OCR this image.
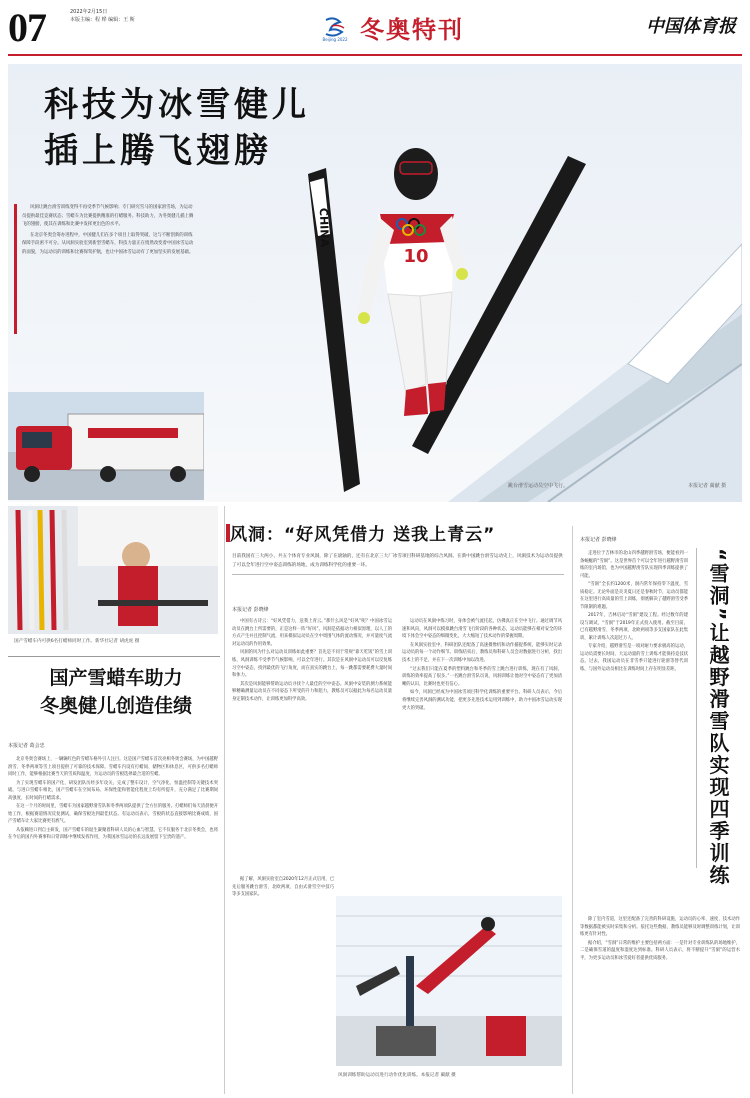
07	2022年2月15日
本版主编：程 桦 编辑：王 斯
Beijing 2022 冬奥特刊	中国体育报
CHINA
10
科技为冰雪健儿
插上腾飞翅膀
跳台滑雪运动员空中飞行。	本报记者 蔺献 摄

风洞让跳台滑雪训练变得不再受季节气候影响；专门研究雪马的国家滑雪场，为运动员提供最佳竞赛状态；雪蜡车为比赛提供精准的打蜡服务。科技助力，为冬奥健儿插上腾飞的翅膀，使其在训练和比赛中发挥更出色的水平。

在北京冬奥会筹办进程中，中国健儿们在多个项目上取得突破，这与不断创新的训练保障手段密不可分。从风洞实验室到新型雪蜡车，科技力量正在悄然改变着中国冰雪运动的面貌，为运动员的训练和比赛保驾护航，也让中国冰雪运动有了更加坚实的发展基础。

国产雪蜡车内可供6名打蜡师同时工作。新华社记者 胡虎虎 摄
国产雪蜡车助力
冬奥健儿创造佳绩
本报记者 葛会忠

北京冬奥会赛场上，一辆辆红色的雪蜡车格外引人注目。这是国产雪蜡车首次亮相冬奥会赛场，为中国越野滑雪、冬季两项等雪上项目提供了可靠的技术保障。雪蜡车内设有打蜡间、储物区和休息区，可供多名打蜡师同时工作，能够根据比赛当天的雪质和温度，为运动员的雪板选择最合适的雪蜡。

为了实现雪蜡车的国产化，研发团队历经多年攻关，完成了整车设计、空气净化、恒温控制等关键技术突破。与进口雪蜡车相比，国产雪蜡车在空间布局、环保性能和智能化程度上均有所提升，充分满足了比赛期间高强度、长时间的打蜡需求。

在这一个月的时间里，雪蜡车为国家越野滑雪队和冬季两项队提供了全方位的服务。打蜡师们每天清晨便开始工作，根据赛道情况反复测试，确保雪板达到最佳状态。有运动员表示，雪板的状态直接影响比赛成绩，国产雪蜡车让大家比赛更有底气。

从依赖进口到自主研发，国产雪蜡车的诞生凝聚着科研人员的心血与智慧。它不仅服务于北京冬奥会，也将在今后的国内外赛事和日常训练中继续发挥作用，为我国冰雪运动的长远发展留下宝贵的遗产。

风洞：“好风凭借力 送我上青云”
目前我国有三大两小、共五个体育专业风洞，除了在滚轴的，还有在北京三大厂冰雪项目科研基地的综合风洞。在新中国跳台滑雪运动史上，风洞技术为运动员提供了可以全年进行空中姿态训练的场地，成为训练科学化的重要一环。
本报记者 彭晓烽

中国有古诗云：“好风凭借力，送我上青云。”那什么风是“好风”呢？中国冰雪运动员在跳台上所需要的，正是这样一阵“好风”。风洞是依据动力相似原理，以人工的方式产生并且控制气流，用来模拟运动员在空中周围气体的流动情况，并可量度气流对运动员的作用效果。

风洞的风为什么对运动员训练如此重要？首先是不同于常规“靠天吃饭”的雪上训练，风洞训练不受季节气候影响，可以全年进行。其次是在风洞中运动员可以反复练习空中姿态，找到最优的飞行角度，而在真实的跳台上，每一跳都需要耗费大量时间和体力。

其次是风洞能够帮助运动员寻找个人最佳的空中姿态。风洞中安装的测力系统能够精确测量运动员在不同姿态下所受的升力和阻力，教练员可以据此为每名运动员量身定制技术动作，让训练更加科学高效。

据了解，风洞实验室自2020年12月正式启用，已先后服务跳台滑雪、北欧两项、自由式滑雪空中技巧等多支国家队。

运动员在风洞中练习时，身体会被气流托起，仿佛真正在空中飞行。通过调节风速和风向，风洞可以模拟跳台滑雪飞行阶段的各种状态，运动员能够在相对安全的环境下体会空中姿态的细微变化，大大缩短了技术动作的掌握周期。

在风洞实验室中，科研团队还配备了高速摄像机和动作捕捉系统，能够实时记录运动员的每一个动作细节。训练结束后，教练员和科研人员会对数据进行分析，找出技术上的不足，并在下一次训练中加以改进。

“过去我们只能在夏季的塑料跳台和冬季的雪上跳台进行训练，现在有了风洞，训练的效率提高了很多。”一名跳台滑雪队员说，风洞训练让他对空中姿态有了更加清晰的认识，比赛时也更有信心。

如今，风洞已经成为中国冰雪项目科学化训练的重要平台。科研人员表示，今后将继续完善风洞的测试功能，把更多先进技术运用到训练中，助力中国冰雪运动实现更大的突破。

风洞训练帮助运动员进行动作优化训练。本报记者 蔺献 摄
本报记者 彭晓烽

走进位于吉林市的北山四季越野滑雪场，便能看到一条蜿蜒的“雪洞”。这是世界首个可以全年进行越野滑雪训练的室内场馆，也为中国越野滑雪队实现四季训练提供了可能。

“雪洞”全长约1200米，洞内常年保持零下温度，雪质稳定。无论外面是炎炎夏日还是春秋时节，运动员都能在这里进行高质量的雪上训练，彻底解决了越野滑雪受季节限制的难题。

2017年，吉林启动“雪洞”建设工程。经过数年的建设与调试，“雪洞”于2019年正式投入使用。截至目前，已有越野滑雪、冬季两项、北欧两项等多支国家队在此集训，累计训练人次超过万人。

专家介绍，越野滑雪是一项对耐力要求极高的运动，运动员需要长时间、大运动量的雪上训练才能保持竞技状态。过去，我国运动员在非雪季只能进行轮滑等替代训练，与国外运动员相比在训练时间上存在明显差距。	“雪洞”让越野滑雪队实现四季训练

除了室内雪道，这里还配备了完善的科研设施，运动员的心率、速度、技术动作等数据都能被实时采集和分析。依托这些数据，教练员能够及时调整训练计划，让训练更有针对性。

据介绍，“雪洞”日常的维护主要包括两方面：一是针对专业训练队的场地维护，二是确保雪道的温度和湿度达到标准。科研人员表示，将不断提升“雪洞”的运营水平，为更多运动员和冰雪爱好者提供优质服务。
